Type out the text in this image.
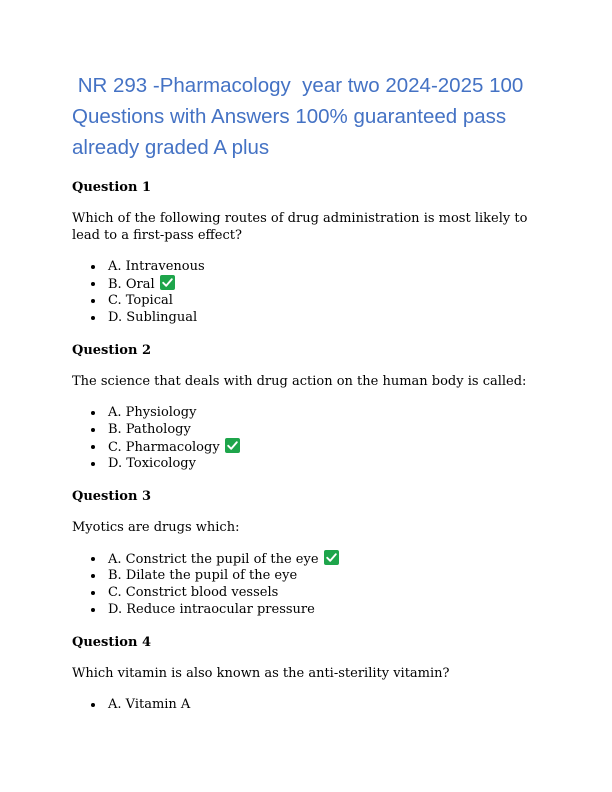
NR 293 -Pharmacology  year two 2024-2025 100 Questions with Answers 100% guaranteed pass already graded A plus

Question 1

Which of the following routes of drug administration is most likely to lead to a first-pass effect?

A. Intravenous
B. Oral
C. Topical
D. Sublingual

Question 2

The science that deals with drug action on the human body is called:

A. Physiology
B. Pathology
C. Pharmacology
D. Toxicology

Question 3

Myotics are drugs which:

A. Constrict the pupil of the eye
B. Dilate the pupil of the eye
C. Constrict blood vessels
D. Reduce intraocular pressure

Question 4

Which vitamin is also known as the anti-sterility vitamin?

A. Vitamin A
